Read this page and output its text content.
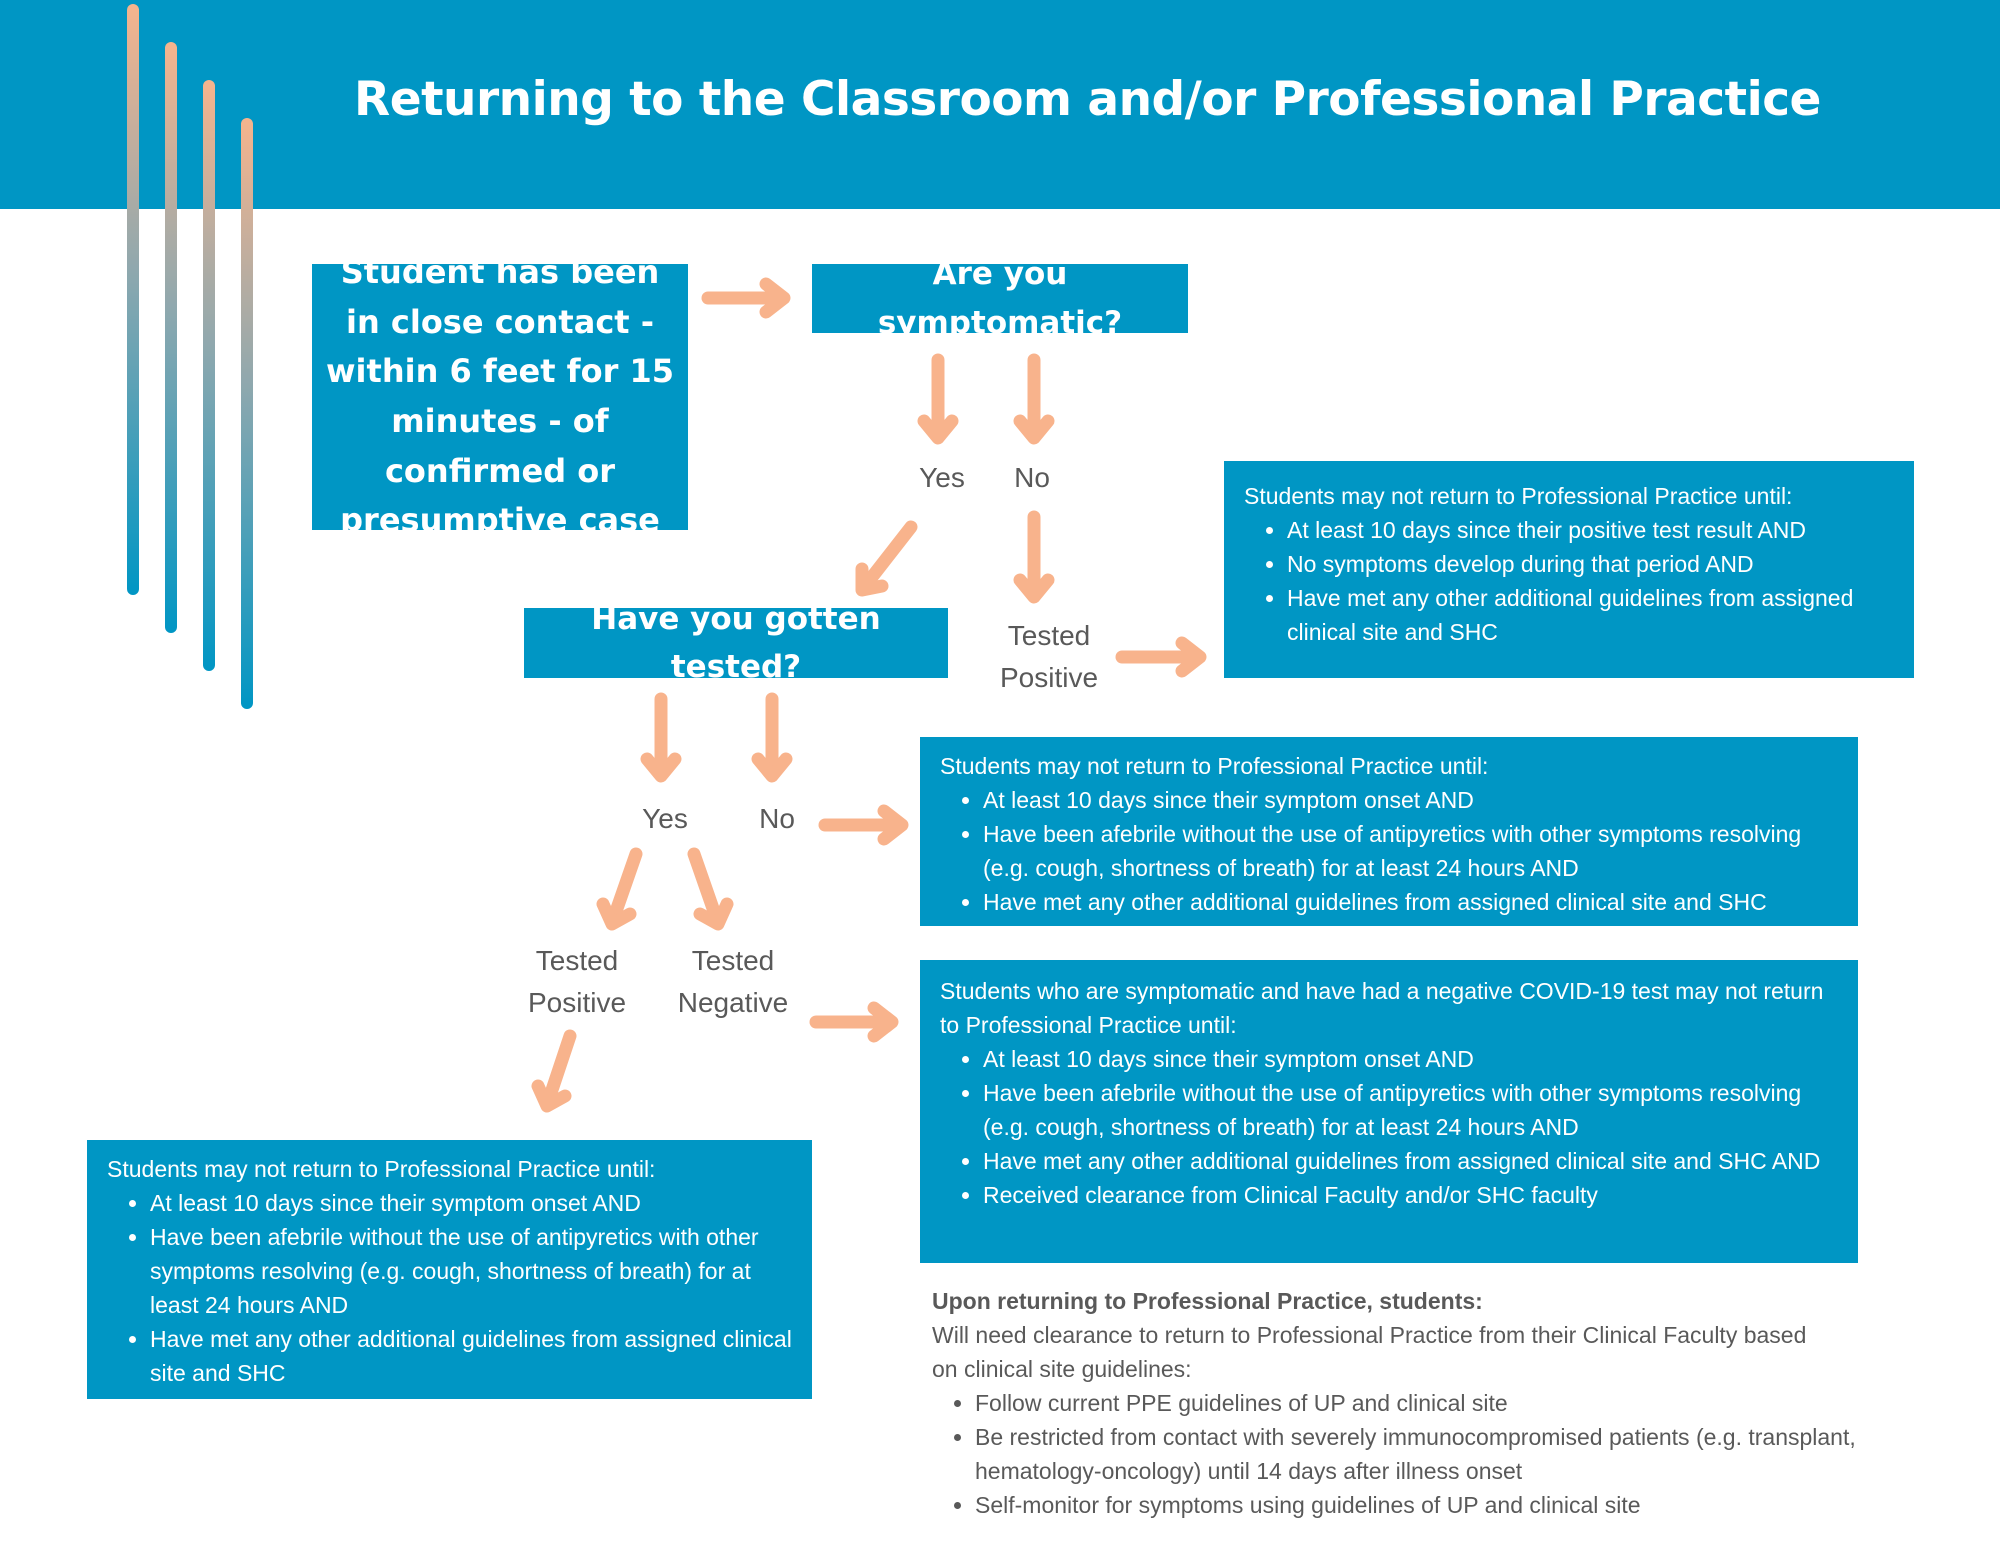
Returning to the Classroom and/or Professional Practice
Student has been in close contact - within 6 feet for 15 minutes - of confirmed or presumptive case
Are you symptomatic?
Have you gotten tested?
Yes	No
Tested Positive
Yes	No
Tested Positive
Tested Negative
Students may not return to Professional Practice until:
• At least 10 days since their positive test result AND
• No symptoms develop during that period AND
• Have met any other additional guidelines from assigned clinical site and SHC
Students may not return to Professional Practice until:
• At least 10 days since their symptom onset AND
• Have been afebrile without the use of antipyretics with other symptoms resolving (e.g. cough, shortness of breath) for at least 24 hours AND
• Have met any other additional guidelines from assigned clinical site and SHC
Students who are symptomatic and have had a negative COVID-19 test may not return to Professional Practice until:
• At least 10 days since their symptom onset AND
• Have been afebrile without the use of antipyretics with other symptoms resolving (e.g. cough, shortness of breath) for at least 24 hours AND
• Have met any other additional guidelines from assigned clinical site and SHC AND
• Received clearance from Clinical Faculty and/or SHC faculty
Students may not return to Professional Practice until:
• At least 10 days since their symptom onset AND
• Have been afebrile without the use of antipyretics with other symptoms resolving (e.g. cough, shortness of breath) for at least 24 hours AND
• Have met any other additional guidelines from assigned clinical site and SHC
Upon returning to Professional Practice, students:
Will need clearance to return to Professional Practice from their Clinical Faculty based on clinical site guidelines:
• Follow current PPE guidelines of UP and clinical site
• Be restricted from contact with severely immunocompromised patients (e.g. transplant, hematology-oncology) until 14 days after illness onset
• Self-monitor for symptoms using guidelines of UP and clinical site
